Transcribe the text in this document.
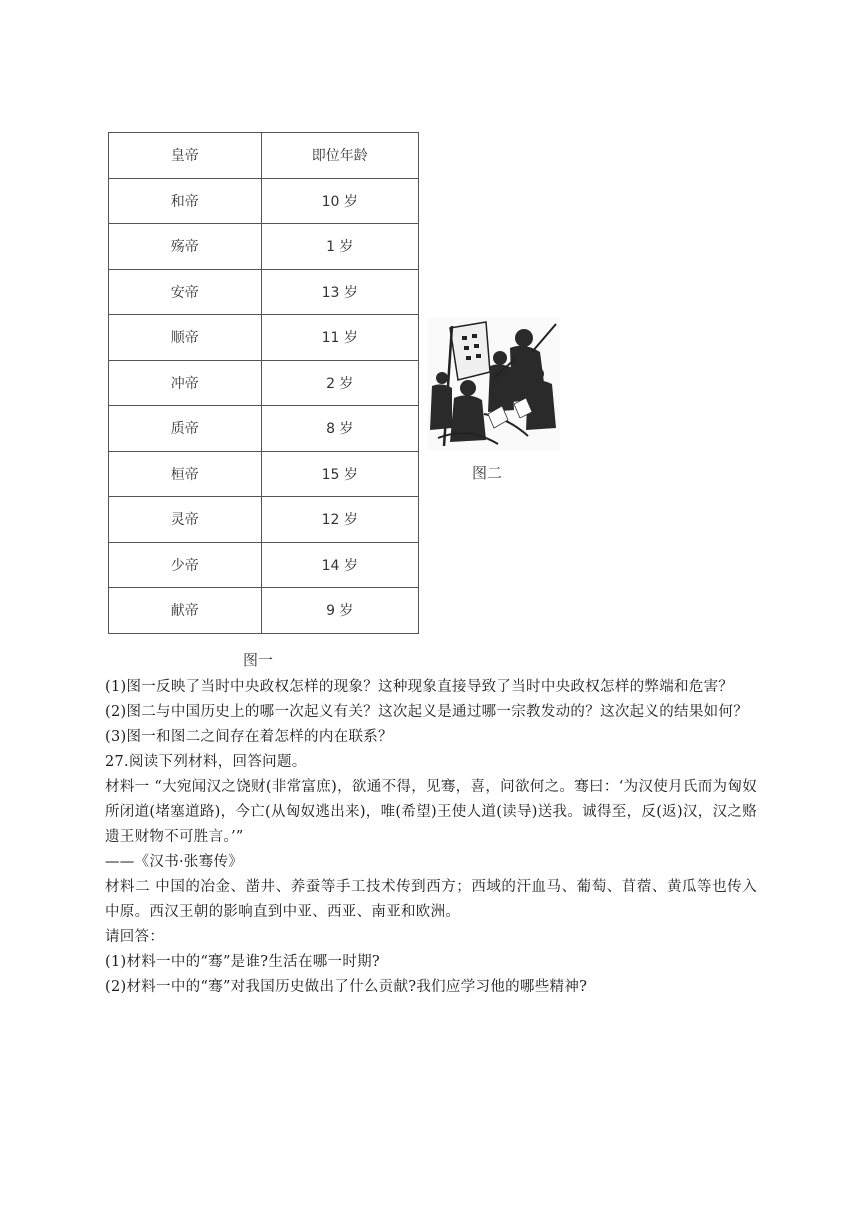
皇帝	即位年龄
和帝	10 岁
殇帝	1 岁
安帝	13 岁
顺帝	11 岁
冲帝	2 岁
质帝	8 岁
桓帝	15 岁
灵帝	12 岁
少帝	14 岁
献帝	9 岁
图一
图二

(1)图一反映了当时中央政权怎样的现象？这种现象直接导致了当时中央政权怎样的弊端和危害？

(2)图二与中国历史上的哪一次起义有关？这次起义是通过哪一宗教发动的？这次起义的结果如何？

(3)图一和图二之间存在着怎样的内在联系？

27.阅读下列材料，回答问题。

材料一 “大宛闻汉之饶财(非常富庶)，欲通不得，见骞，喜，问欲何之。骞曰：‘为汉使月氏而为匈奴所闭道(堵塞道路)，今亡(从匈奴逃出来)，唯(希望)王使人道(读导)送我。诚得至，反(返)汉，汉之赂遗王财物不可胜言。’”

——《汉书·张骞传》

材料二 中国的冶金、凿井、养蚕等手工技术传到西方；西域的汗血马、葡萄、苜蓿、黄瓜等也传入中原。西汉王朝的影响直到中亚、西亚、南亚和欧洲。

请回答：

(1)材料一中的“骞”是谁?生活在哪一时期?

(2)材料一中的“骞”对我国历史做出了什么贡献?我们应学习他的哪些精神?
